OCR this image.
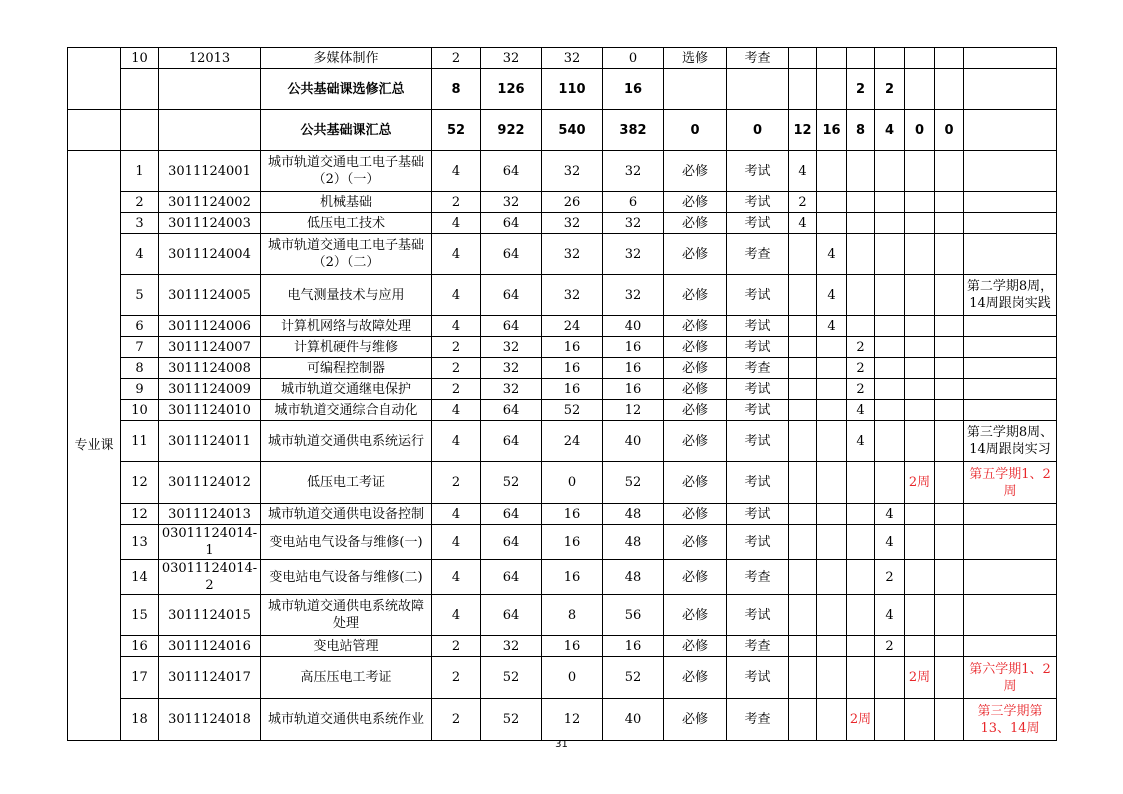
	10	12013	多媒体制作	2	32	32	0	选修	考查							
			公共基础课选修汇总	8	126	110	16					2	2			
			公共基础课汇总	52	922	540	382	0	0	12	16	8	4	0	0	
专业课	1	3011124001	城市轨道交通电工电子基础（2）（一）	4	64	32	32	必修	考试	4						
	2	3011124002	机械基础	2	32	26	6	必修	考试	2						
	3	3011124003	低压电工技术	4	64	32	32	必修	考试	4						
	4	3011124004	城市轨道交通电工电子基础（2）（二）	4	64	32	32	必修	考查		4					
	5	3011124005	电气测量技术与应用	4	64	32	32	必修	考试		4					第二学期8周，14周跟岗实践
	6	3011124006	计算机网络与故障处理	4	64	24	40	必修	考试		4					
	7	3011124007	计算机硬件与维修	2	32	16	16	必修	考试			2				
	8	3011124008	可编程控制器	2	32	16	16	必修	考查			2				
	9	3011124009	城市轨道交通继电保护	2	32	16	16	必修	考试			2				
	10	3011124010	城市轨道交通综合自动化	4	64	52	12	必修	考试			4				
	11	3011124011	城市轨道交通供电系统运行	4	64	24	40	必修	考试			4				第三学期8周、14周跟岗实习
	12	3011124012	低压电工考证	2	52	0	52	必修	考试					2周		第五学期1、2周
	12	3011124013	城市轨道交通供电设备控制	4	64	16	48	必修	考试				4			
	13	03011124014-1	变电站电气设备与维修(一)	4	64	16	48	必修	考试				4			
	14	03011124014-2	变电站电气设备与维修(二)	4	64	16	48	必修	考查				2			
	15	3011124015	城市轨道交通供电系统故障处理	4	64	8	56	必修	考试				4			
	16	3011124016	变电站管理	2	32	16	16	必修	考查				2			
	17	3011124017	高压压电工考证	2	52	0	52	必修	考试					2周		第六学期1、2周
	18	3011124018	城市轨道交通供电系统作业	2	52	12	40	必修	考查			2周				第三学期第13、14周
31
